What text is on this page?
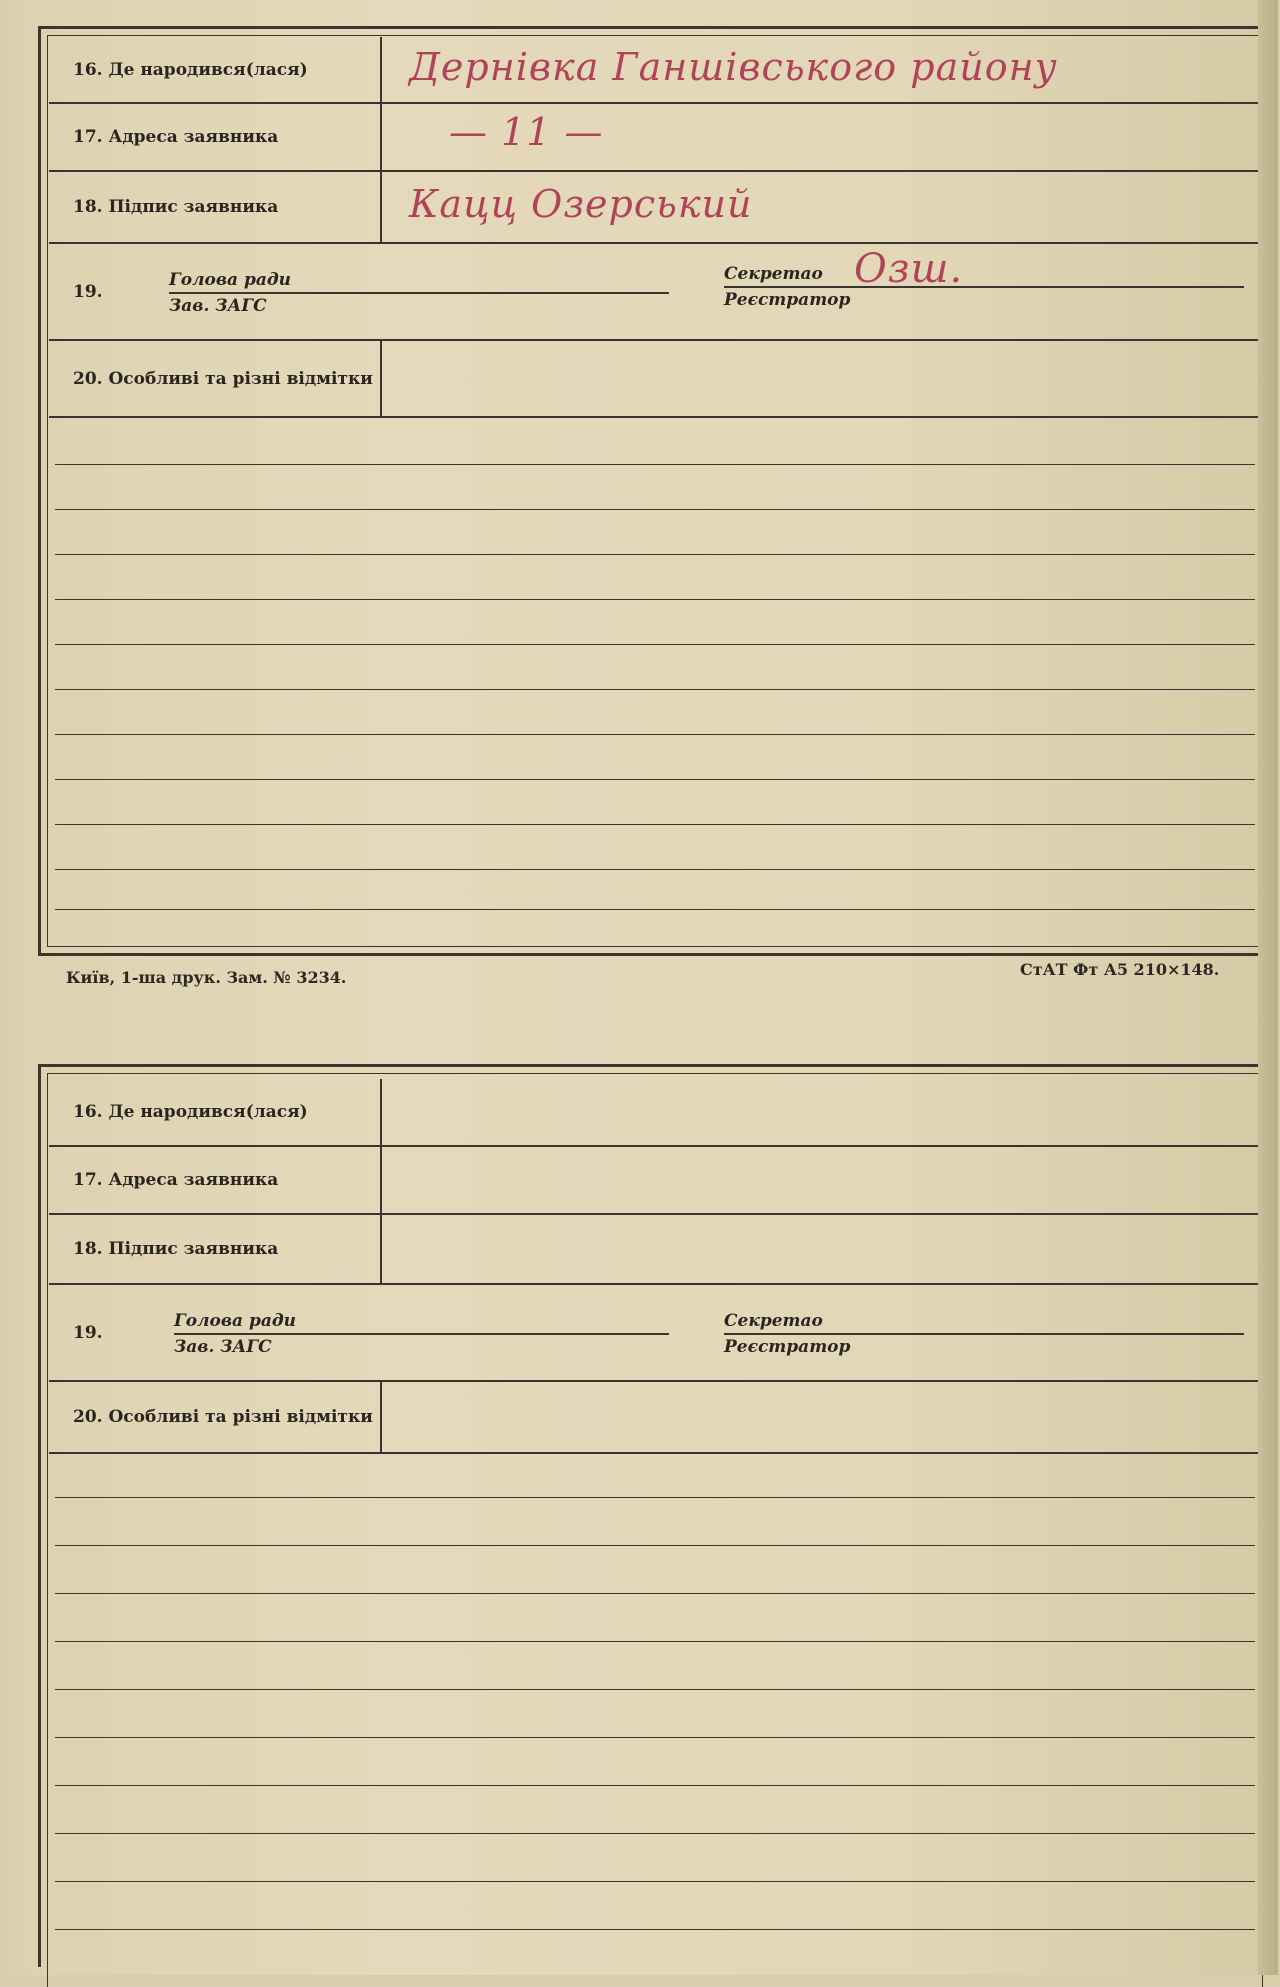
16. Де народився(лася)	Дернівка Ганшівського району
17. Адреса заявника	— 11 —
18. Підпис заявника	Кацц Озерський
19.
Голова ради
Зав. ЗАГС
Секретао
Реєстратор
Озш.
20. Особливі та різні відмітки
Київ, 1-ша друк. Зам. № 3234.	СтАТ Фт А5 210×148.
16. Де народився(лася)
17. Адреса заявника
18. Підпис заявника
19.
Голова ради
Зав. ЗАГС
Секретао
Реєстратор
20. Особливі та різні відмітки
